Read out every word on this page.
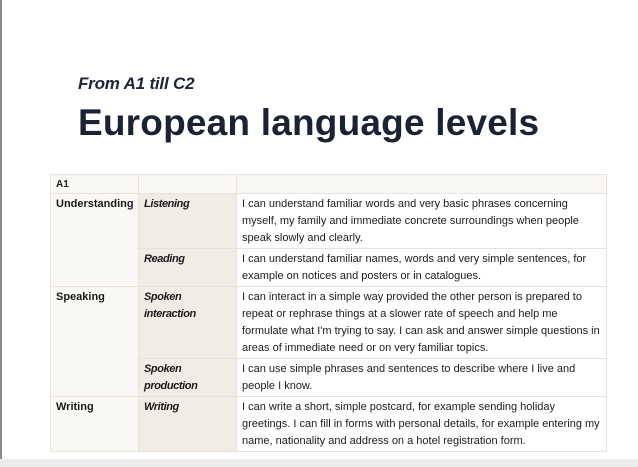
From A1 till C2
European language levels
A1		
Understanding	Listening	I can understand familiar words and very basic phrases concerning myself, my family and immediate concrete surroundings when people speak slowly and clearly.
	Reading	I can understand familiar names, words and very simple sentences, for example on notices and posters or in catalogues.
Speaking	Spoken interaction	I can interact in a simple way provided the other person is prepared to repeat or rephrase things at a slower rate of speech and help me formulate what I'm trying to say. I can ask and answer simple questions in areas of immediate need or on very familiar topics.
	Spoken production	I can use simple phrases and sentences to describe where I live and people I know.
Writing	Writing	I can write a short, simple postcard, for example sending holiday greetings. I can fill in forms with personal details, for example entering my name, nationality and address on a hotel registration form.
